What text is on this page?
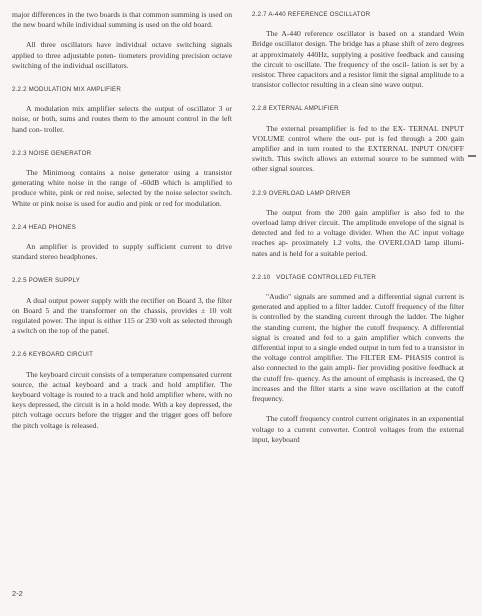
major differences in the two boards is that common summing is used on the new board while individual summing is used on the old board.

All three oscillators have individual octave switching signals applied to three adjustable poten- tiometers providing precision octave switching of the individual oscillators.

2.2.2 MODULATION MIX AMPLIFIER

A modulation mix amplifier selects the output of oscillator 3 or noise, or both, sums and routes them to the amount control in the left hand con- troller.

2.2.3 NOISE GENERATOR

The Minimoog contains a noise generator using a transistor generating white noise in the range of -60dB which is amplified to produce white, pink or red noise, selected by the noise selector switch. White or pink noise is used for audio and pink or red for modulation.

2.2.4 HEAD PHONES

An amplifier is provided to supply sufficient current to drive standard stereo headphones.

2.2.5 POWER SUPPLY

A dual output power supply with the rectifier on Board 3, the filter on Board 5 and the transformer on the chassis, provides ± 10 volt regulated power. The input is either 115 or 230 volt as selected through a switch on the top of the panel.

2.2.6 KEYBOARD CIRCUIT

The keyboard circuit consists of a temperature compensated current source, the actual keyboard and a track and hold amplifier. The keyboard voltage is routed to a track and hold amplifier where, with no keys depressed, the circuit is in a hold mode. With a key depressed, the pitch voltage occurs before the trigger and the trigger goes off before the pitch voltage is released.

2.2.7 A-440 REFERENCE OSCILLATOR

The A-440 reference oscillator is based on a standard Wein Bridge oscillator design. The bridge has a phase shift of zero degrees at approximately 440Hz, supplying a positive feedback and causing the circuit to oscillate. The frequency of the oscil- lation is set by a resistor. Three capacitors and a resistor limit the signal amplitude to a transistor collector resulting in a clean sine wave output.

2.2.8 EXTERNAL AMPLIFIER

The external preamplifier is fed to the EX- TERNAL INPUT VOLUME control where the out- put is fed through a 200 gain amplifier and in turn routed to the EXTERNAL INPUT ON/OFF switch. This switch allows an external source to be summed with other signal sources.

2.2.9 OVERLOAD LAMP DRIVER

The output from the 200 gain amplifier is also fed to the overload lamp driver circuit. The amplitude envelope of the signal is detected and fed to a voltage divider. When the AC input voltage reaches ap- proximately 1.2 volts, the OVERLOAD lamp illumi- nates and is held for a suitable period.

2.2.10   VOLTAGE CONTROLLED FILTER

"Audio" signals are summed and a differential signal current is generated and applied to a filter ladder. Cutoff frequency of the filter is controlled by the standing current through the ladder. The higher the standing current, the higher the cutoff frequency. A differential signal is created and fed to a gain amplifier which converts the differential input to a single ended output in turn fed to a transistor in the voltage control amplifier. The FILTER EM- PHASIS control is also connected to the gain ampli- fier providing positive feedback at the cutoff fre- quency. As the amount of emphasis is increased, the Q increases and the filter starts a sine wave oscillation at the cutoff frequency.

The cutoff frequency control current originates in an exponential voltage to a current converter. Control voltages from the external input, keyboard

2-2
